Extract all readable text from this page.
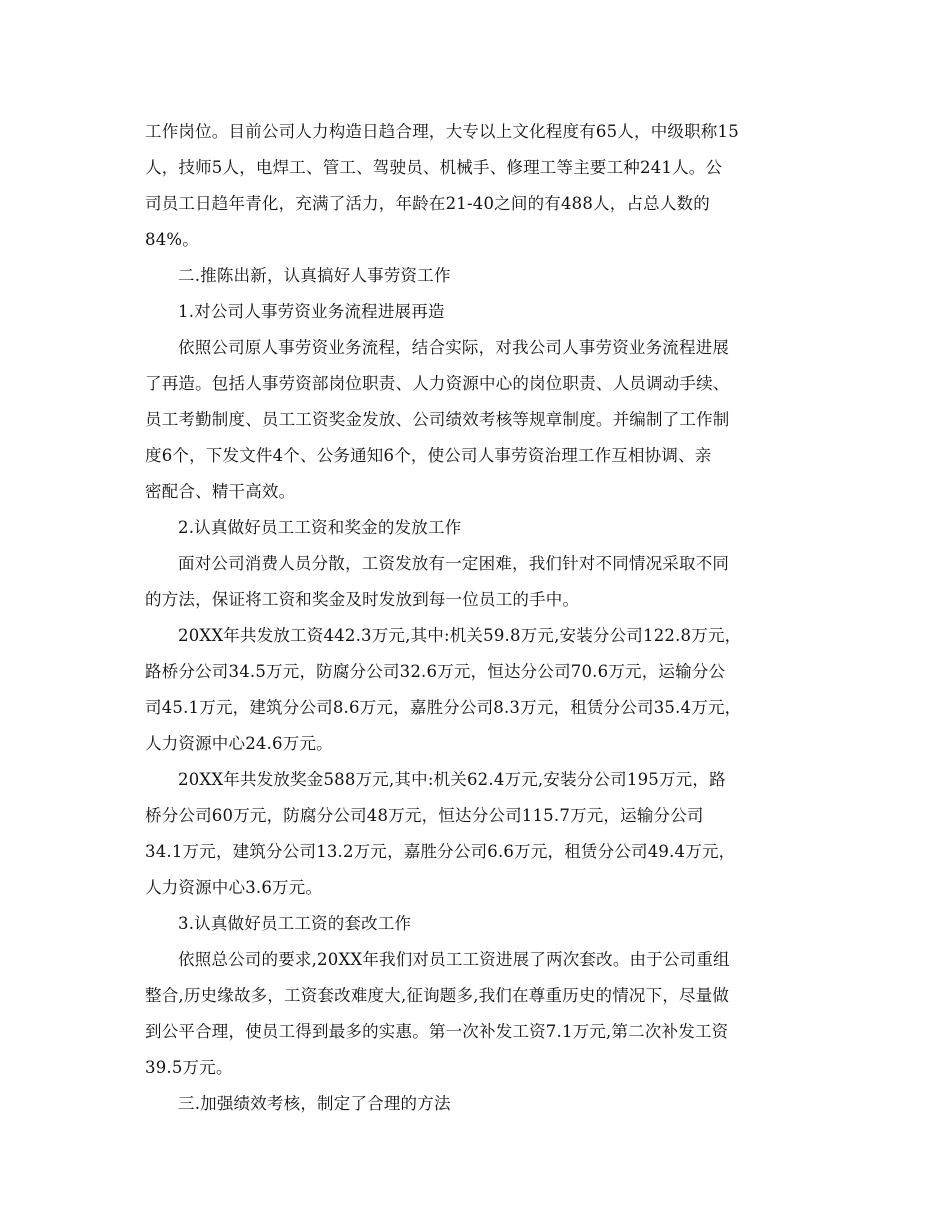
工作岗位。目前公司人力构造日趋合理，大专以上文化程度有65人，中级职称15
人，技师5人，电焊工、管工、驾驶员、机械手、修理工等主要工种241人。公
司员工日趋年青化，充满了活力，年龄在21-40之间的有488人，占总人数的
84%。
二.推陈出新，认真搞好人事劳资工作
1.对公司人事劳资业务流程进展再造
依照公司原人事劳资业务流程，结合实际，对我公司人事劳资业务流程进展
了再造。包括人事劳资部岗位职责、人力资源中心的岗位职责、人员调动手续、
员工考勤制度、员工工资奖金发放、公司绩效考核等规章制度。并编制了工作制
度6个，下发文件4个、公务通知6个，使公司人事劳资治理工作互相协调、亲
密配合、精干高效。
2.认真做好员工工资和奖金的发放工作
面对公司消费人员分散，工资发放有一定困难，我们针对不同情况采取不同
的方法，保证将工资和奖金及时发放到每一位员工的手中。
20XX年共发放工资442.3万元,其中:机关59.8万元,安装分公司122.8万元，
路桥分公司34.5万元，防腐分公司32.6万元，恒达分公司70.6万元，运输分公
司45.1万元，建筑分公司8.6万元，嘉胜分公司8.3万元，租赁分公司35.4万元，
人力资源中心24.6万元。
20XX年共发放奖金588万元,其中:机关62.4万元,安装分公司195万元，路
桥分公司60万元，防腐分公司48万元，恒达分公司115.7万元，运输分公司
34.1万元，建筑分公司13.2万元，嘉胜分公司6.6万元，租赁分公司49.4万元，
人力资源中心3.6万元。
3.认真做好员工工资的套改工作
依照总公司的要求,20XX年我们对员工工资进展了两次套改。由于公司重组
整合,历史缘故多，工资套改难度大,征询题多,我们在尊重历史的情况下，尽量做
到公平合理，使员工得到最多的实惠。第一次补发工资7.1万元,第二次补发工资
39.5万元。
三.加强绩效考核，制定了合理的方法
